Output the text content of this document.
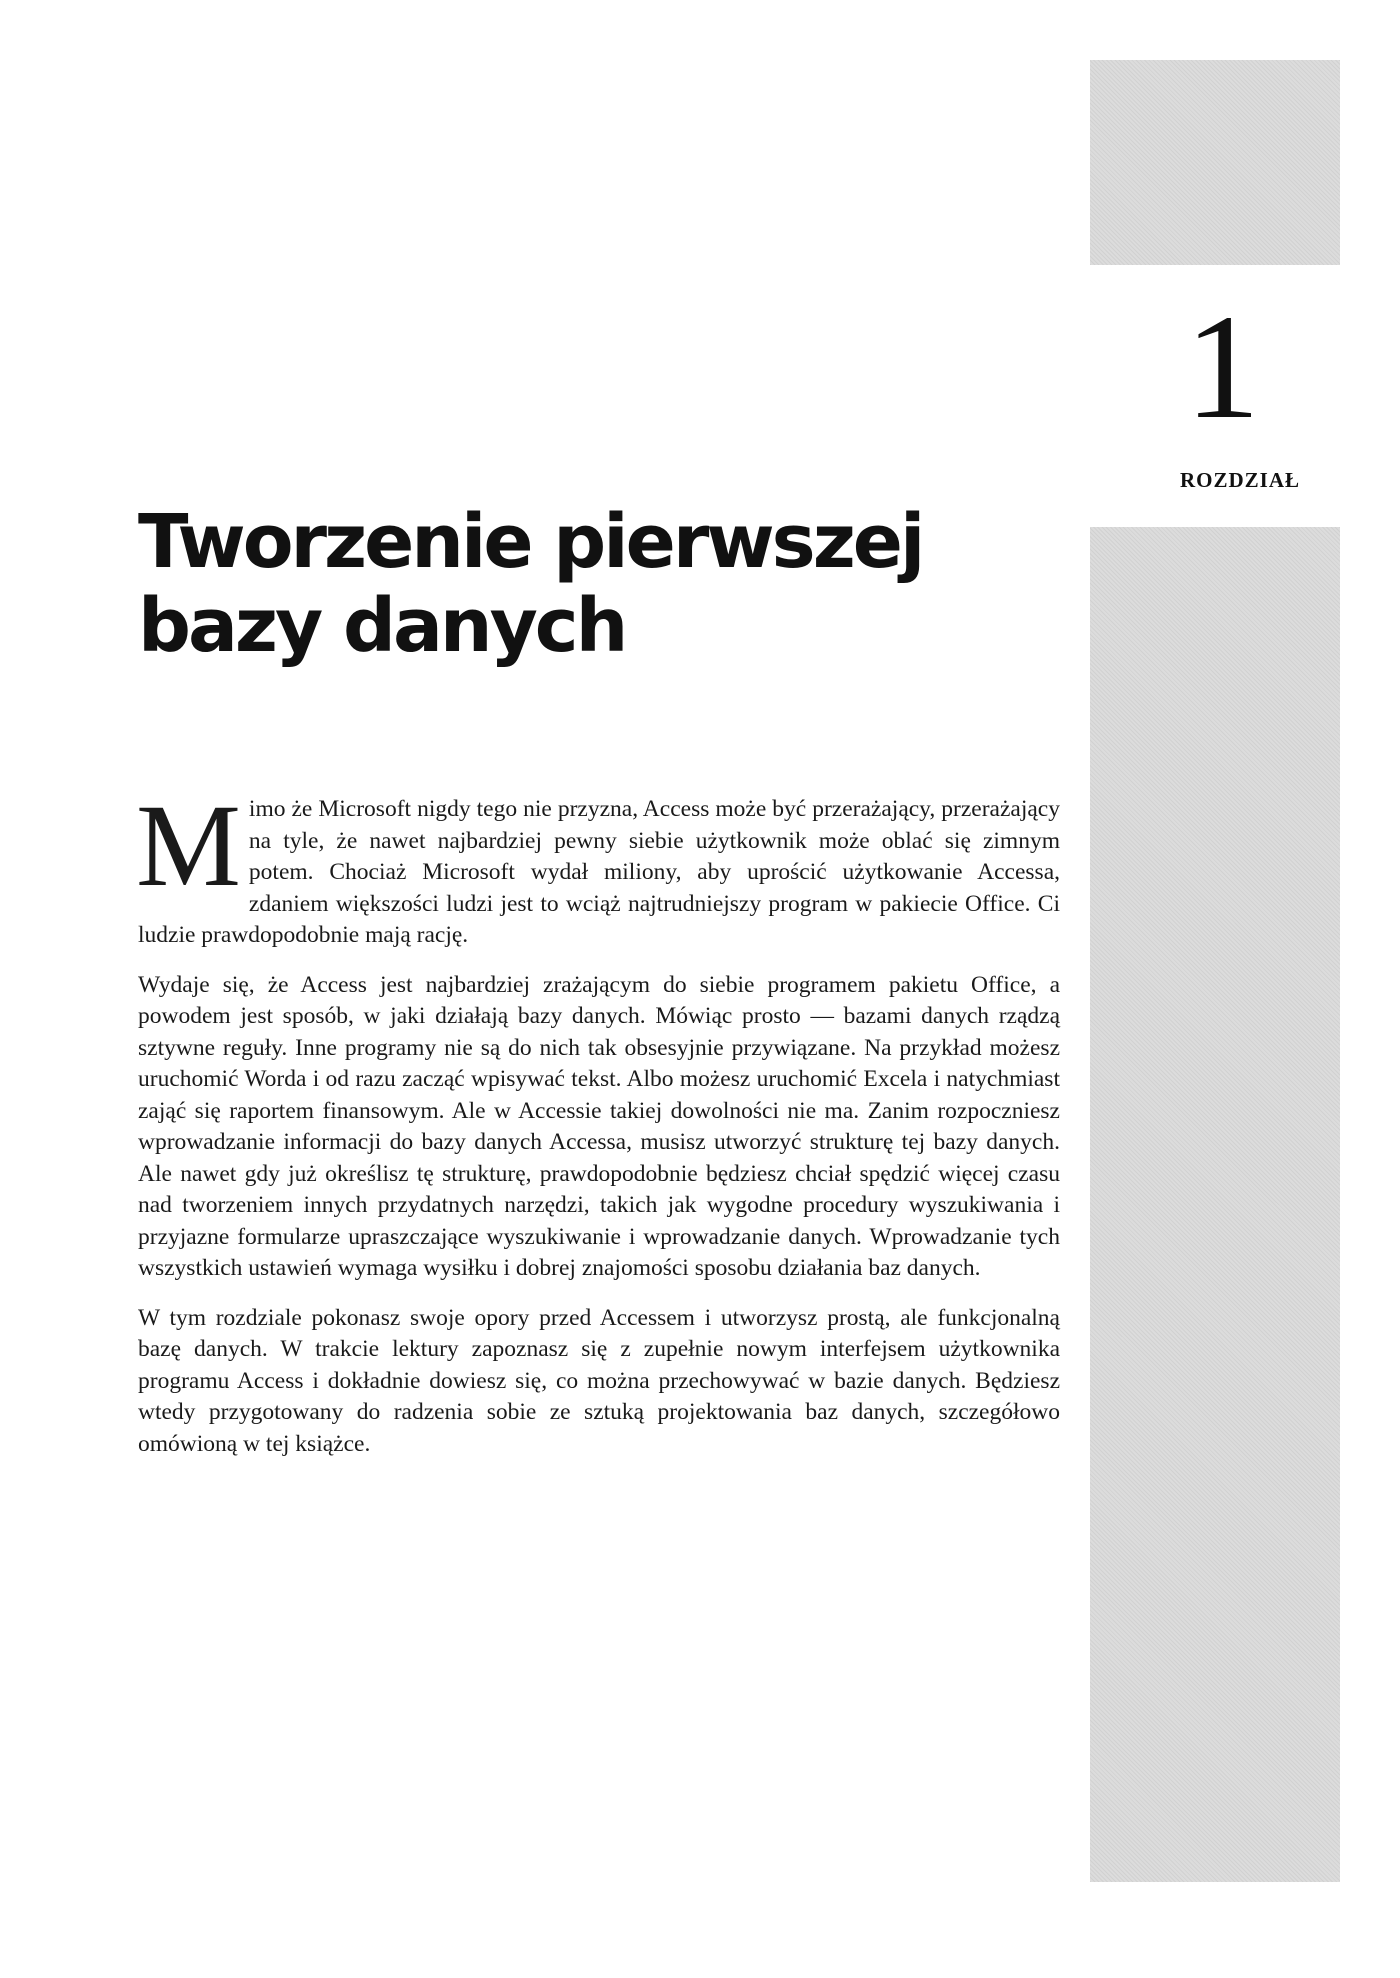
1
ROZDZIAŁ
Tworzenie pierwszej
bazy danych

Mimo że Microsoft nigdy tego nie przyzna, Access może być przerażający, przerażający na tyle, że nawet najbardziej pewny siebie użytkownik może oblać się zimnym potem. Chociaż Microsoft wydał miliony, aby uprościć użytkowanie Accessa, zdaniem większości ludzi jest to wciąż najtrudniejszy program w pakiecie Office. Ci ludzie prawdopodobnie mają rację.

Wydaje się, że Access jest najbardziej zrażającym do siebie programem pakietu Office, a powodem jest sposób, w jaki działają bazy danych. Mówiąc prosto — bazami danych rządzą sztywne reguły. Inne programy nie są do nich tak obsesyjnie przywiązane. Na przykład możesz uruchomić Worda i od razu zacząć wpisywać tekst. Albo możesz uruchomić Excela i natychmiast zająć się raportem finansowym. Ale w Accessie takiej dowolności nie ma. Zanim rozpoczniesz wprowadzanie informacji do bazy danych Accessa, musisz utworzyć strukturę tej bazy danych. Ale nawet gdy już określisz tę strukturę, prawdopodobnie będziesz chciał spędzić więcej czasu nad tworzeniem innych przydatnych narzędzi, takich jak wygodne procedury wyszukiwania i przyjazne formularze upraszczające wyszukiwanie i wprowadzanie danych. Wprowadzanie tych wszystkich ustawień wymaga wysiłku i dobrej znajomości sposobu działania baz danych.

W tym rozdziale pokonasz swoje opory przed Accessem i utworzysz prostą, ale funkcjonalną bazę danych. W trakcie lektury zapoznasz się z zupełnie nowym interfejsem użytkownika programu Access i dokładnie dowiesz się, co można przechowywać w bazie danych. Będziesz wtedy przygotowany do radzenia sobie ze sztuką projektowania baz danych, szczegółowo omówioną w tej książce.
